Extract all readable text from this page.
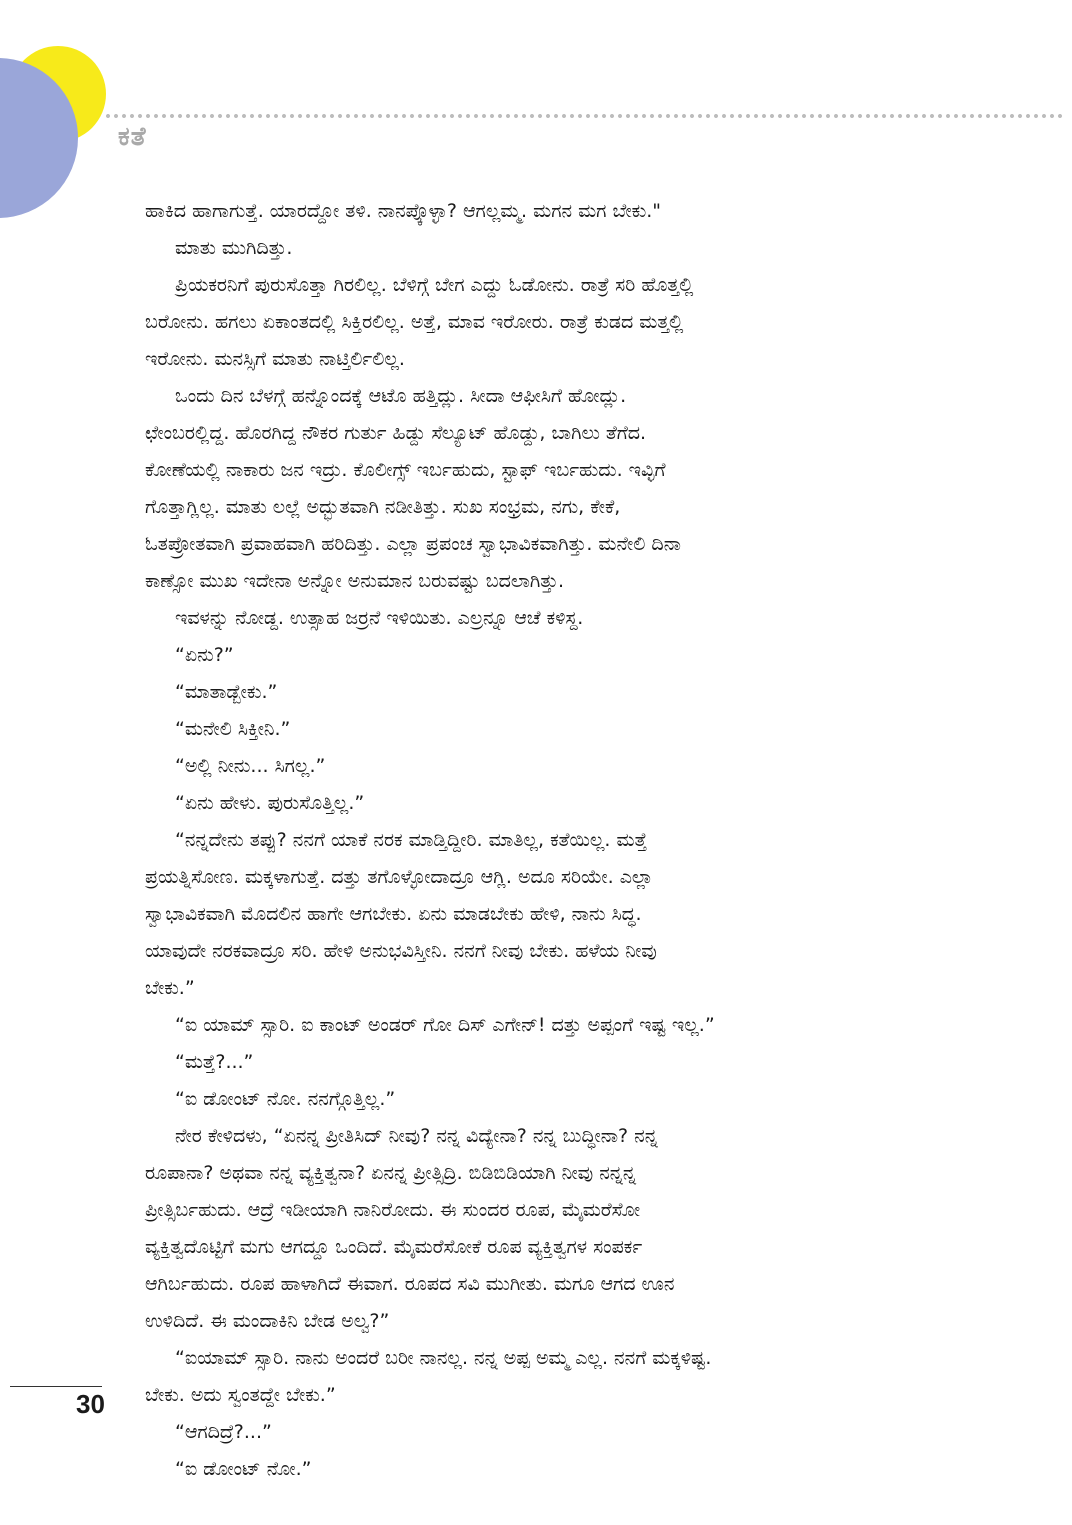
ಕತೆ
ಹಾಕಿದ ಹಾಗಾಗುತ್ತೆ. ಯಾರದ್ದೋ ತಳಿ. ನಾನಪ್ಕೊಳ್ಳಾ? ಆಗಲ್ಲಮ್ಮ. ಮಗನ ಮಗ ಬೇಕು."
ಮಾತು ಮುಗಿದಿತ್ತು.
ಪ್ರಿಯಕರನಿಗೆ ಪುರುಸೊತ್ತಾ ಗಿರಲಿಲ್ಲ. ಬೆಳಿಗ್ಗೆ ಬೇಗ ಎದ್ದು ಓಡೋನು. ರಾತ್ರೆ ಸರಿ ಹೊತ್ತಲ್ಲಿ
ಬರೋನು. ಹಗಲು ಏಕಾಂತದಲ್ಲಿ ಸಿಕ್ತಿರಲಿಲ್ಲ. ಅತ್ತೆ, ಮಾವ ಇರೋರು. ರಾತ್ರೆ ಕುಡದ ಮತ್ತಲ್ಲಿ
ಇರೋನು. ಮನಸ್ಸಿಗೆ ಮಾತು ನಾಟ್ತಿರ್ಲಿಲಿಲ್ಲ.
ಒಂದು ದಿನ ಬೆಳಗ್ಗೆ ಹನ್ನೊಂದಕ್ಕೆ ಆಟೊ ಹತ್ತಿದ್ಲು. ಸೀದಾ ಆಫೀಸಿಗೆ ಹೋದ್ಲು.
ಛೇಂಬರಲ್ಲಿದ್ದ. ಹೊರಗಿದ್ದ ನೌಕರ ಗುರ್ತು ಹಿಡ್ದು ಸೆಲ್ಯೂಟ್ ಹೊಡ್ದು, ಬಾಗಿಲು ತೆಗೆದ.
ಕೋಣೆಯಲ್ಲಿ ನಾಕಾರು ಜನ ಇದ್ರು. ಕೊಲೀಗ್ಸ್ ಇರ್ಬಹುದು, ಸ್ಟಾಫ್ ಇರ್ಬಹುದು. ಇವ್ಳಿಗೆ
ಗೊತ್ತಾಗ್ಲಿಲ್ಲ. ಮಾತು ಲಲ್ಲೆ ಅದ್ಭುತವಾಗಿ ನಡೀತಿತ್ತು. ಸುಖ ಸಂಭ್ರಮ, ನಗು, ಕೇಕೆ,
ಓತಪ್ರೋತವಾಗಿ ಪ್ರವಾಹವಾಗಿ ಹರಿದಿತ್ತು. ಎಲ್ಲಾ ಪ್ರಪಂಚ ಸ್ವಾಭಾವಿಕವಾಗಿತ್ತು. ಮನೇಲಿ ದಿನಾ
ಕಾಣ್ಸೋ ಮುಖ ಇದೇನಾ ಅನ್ನೋ ಅನುಮಾನ ಬರುವಷ್ಟು ಬದಲಾಗಿತ್ತು.
ಇವಳನ್ನು ನೋಡ್ದ. ಉತ್ಸಾಹ ಜರ್ರನೆ ಇಳಿಯಿತು. ಎಲ್ರನ್ನೂ ಆಚೆ ಕಳಿಸ್ದ.
“ಏನು?”
“ಮಾತಾಡ್ಬೇಕು.”
“ಮನೇಲಿ ಸಿಕ್ತೀನಿ.”
“ಅಲ್ಲಿ ನೀನು... ಸಿಗಲ್ಲ.”
“ಏನು ಹೇಳು. ಪುರುಸೊತ್ತಿಲ್ಲ.”
“ನನ್ನದೇನು ತಪ್ಪು? ನನಗೆ ಯಾಕೆ ನರಕ ಮಾಡ್ತಿದ್ದೀರಿ. ಮಾತಿಲ್ಲ, ಕತೆಯಿಲ್ಲ. ಮತ್ತೆ
ಪ್ರಯತ್ನಿಸೋಣ. ಮಕ್ಕಳಾಗುತ್ತೆ. ದತ್ತು ತಗೊಳ್ಳೋದಾದ್ರೂ ಆಗ್ಲಿ. ಅದೂ ಸರಿಯೇ. ಎಲ್ಲಾ
ಸ್ವಾಭಾವಿಕವಾಗಿ ಮೊದಲಿನ ಹಾಗೇ ಆಗಬೇಕು. ಏನು ಮಾಡಬೇಕು ಹೇಳಿ, ನಾನು ಸಿದ್ಧ.
ಯಾವುದೇ ನರಕವಾದ್ರೂ ಸರಿ. ಹೇಳಿ ಅನುಭವಿಸ್ತೀನಿ. ನನಗೆ ನೀವು ಬೇಕು. ಹಳೆಯ ನೀವು
ಬೇಕು.”
“ಐ ಯಾಮ್ ಸ್ಸಾರಿ. ಐ ಕಾಂಟ್ ಅಂಡರ್ ಗೋ ದಿಸ್ ಎಗೇನ್! ದತ್ತು ಅಪ್ಪಂಗೆ ಇಷ್ಟ ಇಲ್ಲ.”
“ಮತ್ತೆ?...”
“ಐ ಡೋಂಟ್ ನೋ. ನನಗ್ಗೊತ್ತಿಲ್ಲ.”
ನೇರ ಕೇಳಿದಳು, “ಏನನ್ನ ಪ್ರೀತಿಸಿದ್ ನೀವು? ನನ್ನ ವಿದ್ಯೇನಾ? ನನ್ನ ಬುದ್ಧೀನಾ? ನನ್ನ
ರೂಪಾನಾ? ಅಥವಾ ನನ್ನ ವ್ಯಕ್ತಿತ್ವನಾ? ಏನನ್ನ ಪ್ರೀತ್ಸಿದ್ರಿ. ಬಿಡಿಬಿಡಿಯಾಗಿ ನೀವು ನನ್ನನ್ನ
ಪ್ರೀತ್ಸಿರ್ಬಹುದು. ಆದ್ರೆ ಇಡೀಯಾಗಿ ನಾನಿರೋದು. ಈ ಸುಂದರ ರೂಪ, ಮೈಮರೆಸೋ
ವ್ಯಕ್ತಿತ್ವದೊಟ್ಟಿಗೆ ಮಗು ಆಗದ್ದೂ ಒಂದಿದೆ. ಮೈಮರೆಸೋಕೆ ರೂಪ ವ್ಯಕ್ತಿತ್ವಗಳ ಸಂಪರ್ಕ
ಆಗಿರ್ಬಹುದು. ರೂಪ ಹಾಳಾಗಿದೆ ಈವಾಗ. ರೂಪದ ಸವಿ ಮುಗೀತು. ಮಗೂ ಆಗದ ಊನ
ಉಳಿದಿದೆ. ಈ ಮಂದಾಕಿನಿ ಬೇಡ ಅಲ್ವ?”
“ಐಯಾಮ್ ಸ್ಸಾರಿ. ನಾನು ಅಂದರೆ ಬರೀ ನಾನಲ್ಲ. ನನ್ನ ಅಪ್ಪ ಅಮ್ಮ ಎಲ್ಲ. ನನಗೆ ಮಕ್ಕಳಿಷ್ಟ.
ಬೇಕು. ಅದು ಸ್ವಂತದ್ದೇ ಬೇಕು.”
“ಆಗದಿದ್ರೆ?...”
“ಐ ಡೋಂಟ್ ನೋ.”
30
